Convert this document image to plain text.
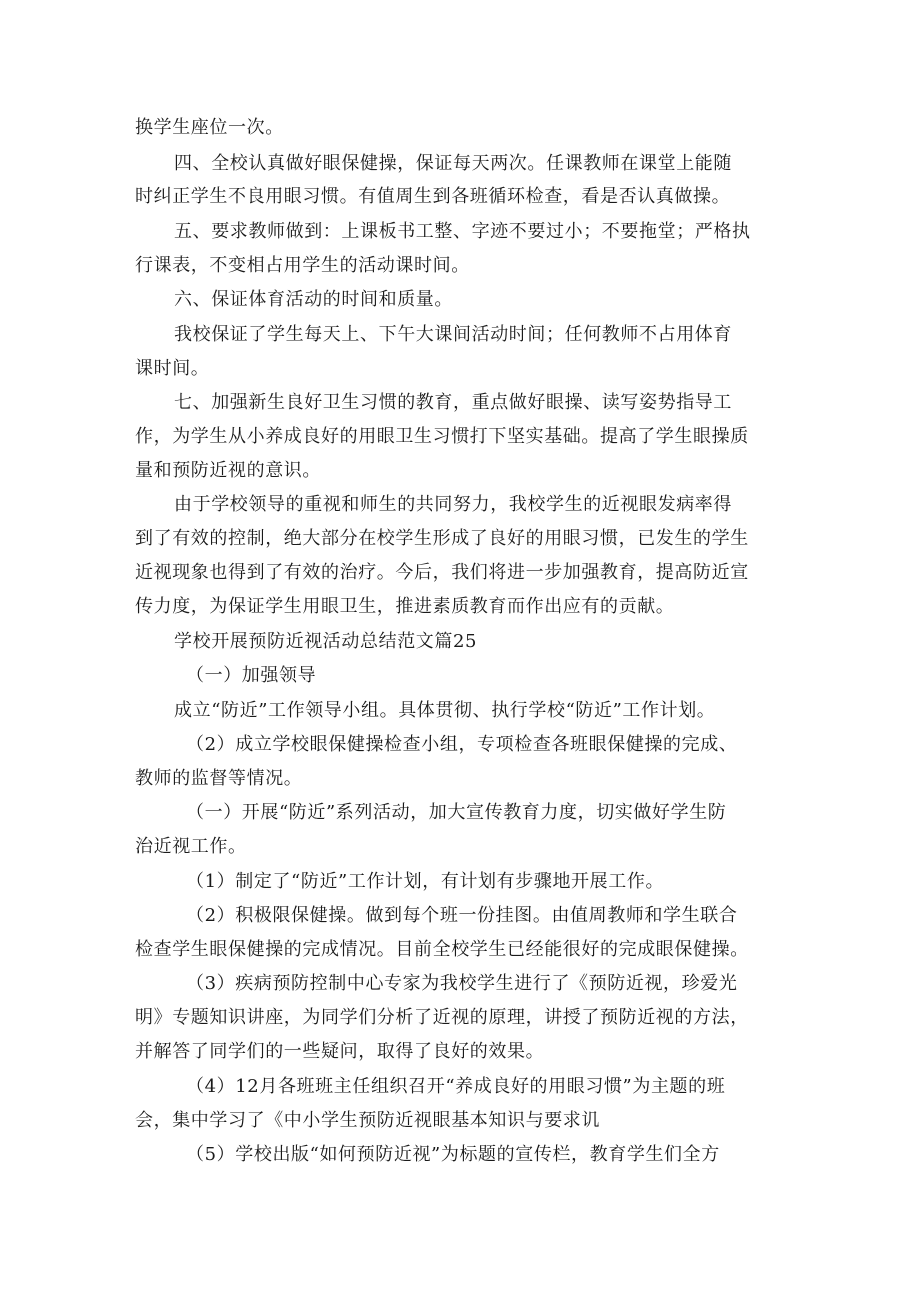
换学生座位一次。
四、全校认真做好眼保健操，保证每天两次。任课教师在课堂上能随
时纠正学生不良用眼习惯。有值周生到各班循环检查，看是否认真做操。
五、要求教师做到：上课板书工整、字迹不要过小；不要拖堂；严格执
行课表，不变相占用学生的活动课时间。
六、保证体育活动的时间和质量。
我校保证了学生每天上、下午大课间活动时间；任何教师不占用体育
课时间。
七、加强新生良好卫生习惯的教育，重点做好眼操、读写姿势指导工
作，为学生从小养成良好的用眼卫生习惯打下坚实基础。提高了学生眼操质
量和预防近视的意识。
由于学校领导的重视和师生的共同努力，我校学生的近视眼发病率得
到了有效的控制，绝大部分在校学生形成了良好的用眼习惯，已发生的学生
近视现象也得到了有效的治疗。今后，我们将进一步加强教育，提高防近宣
传力度，为保证学生用眼卫生，推进素质教育而作出应有的贡献。
学校开展预防近视活动总结范文篇25
（一）加强领导
成立“防近”工作领导小组。具体贯彻、执行学校“防近”工作计划。
（2）成立学校眼保健操检查小组，专项检查各班眼保健操的完成、
教师的监督等情况。
（一）开展“防近”系列活动，加大宣传教育力度，切实做好学生防
治近视工作。
（1）制定了“防近”工作计划，有计划有步骤地开展工作。
（2）积极限保健操。做到每个班一份挂图。由值周教师和学生联合
检查学生眼保健操的完成情况。目前全校学生已经能很好的完成眼保健操。
（3）疾病预防控制中心专家为我校学生进行了《预防近视，珍爱光
明》专题知识讲座，为同学们分析了近视的原理，讲授了预防近视的方法，
并解答了同学们的一些疑问，取得了良好的效果。
（4）12月各班班主任组织召开“养成良好的用眼习惯”为主题的班
会，集中学习了《中小学生预防近视眼基本知识与要求讥
（5）学校出版“如何预防近视”为标题的宣传栏，教育学生们全方
